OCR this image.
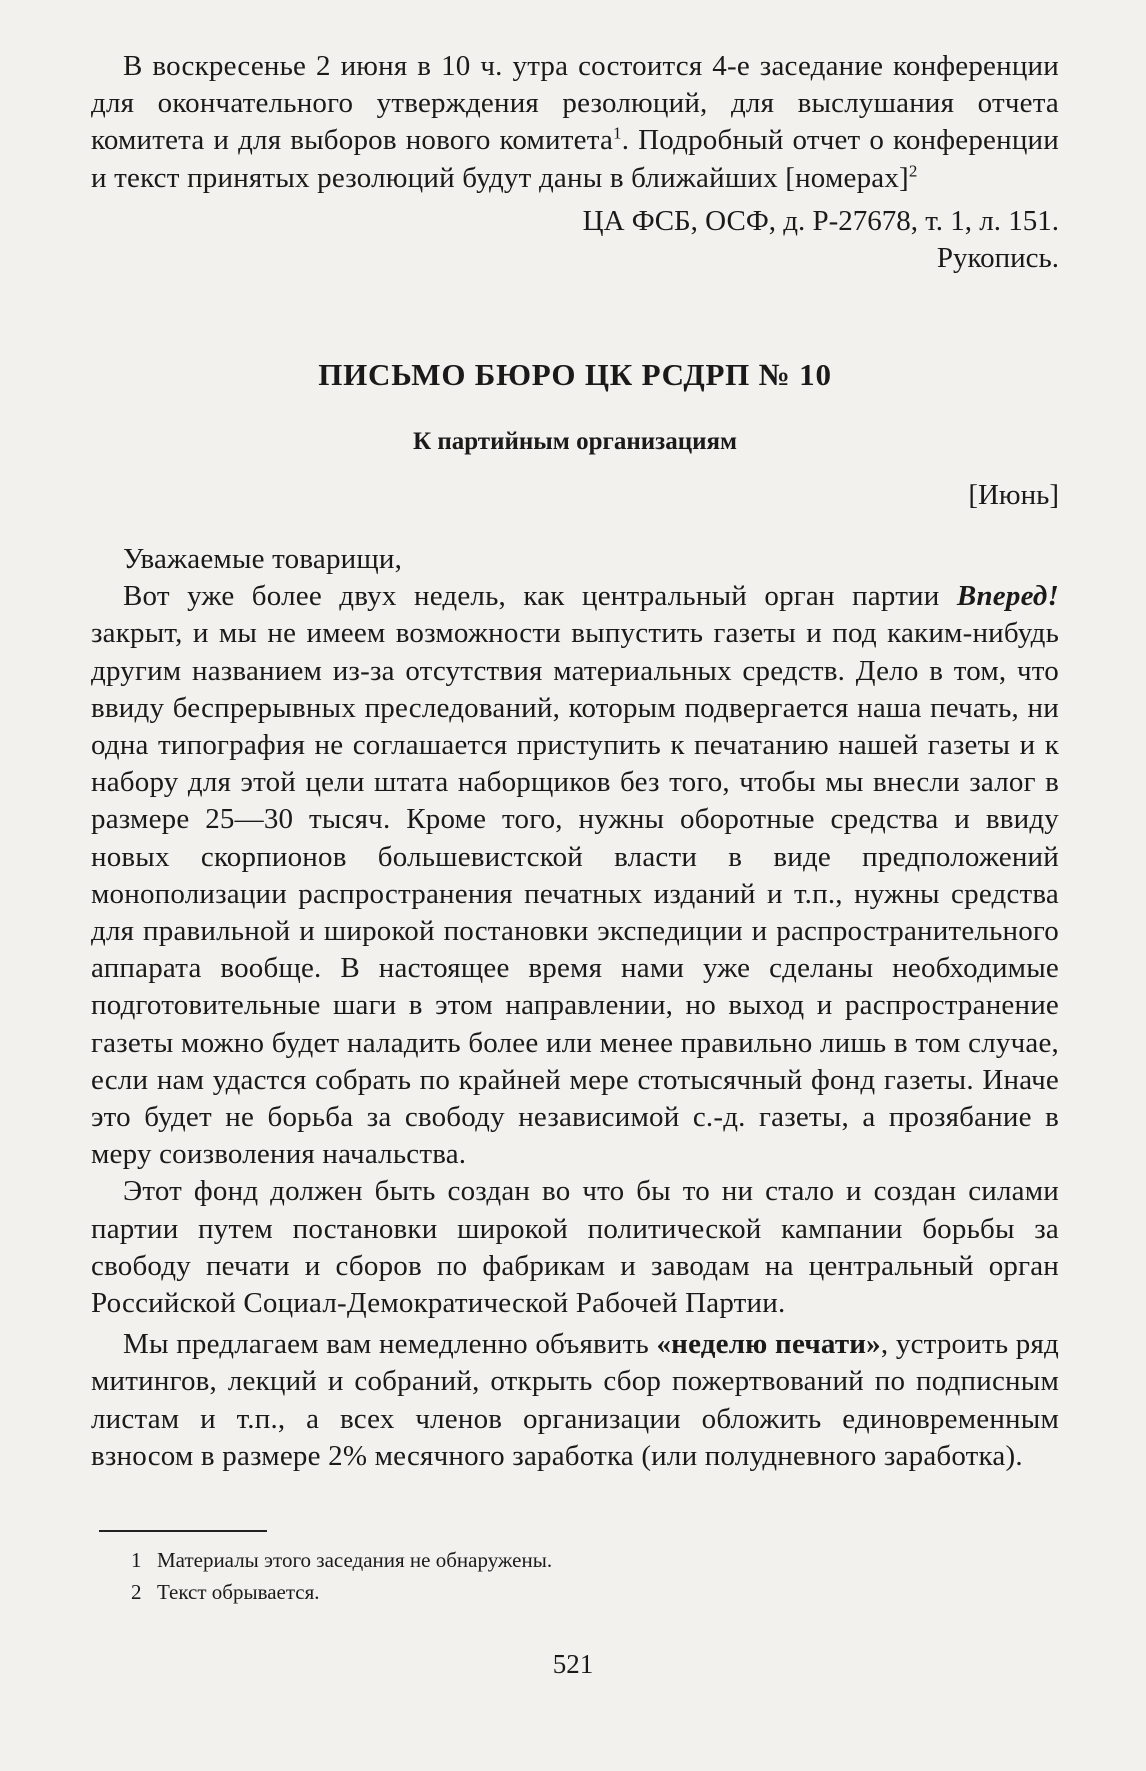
В воскресенье 2 июня в 10 ч. утра состоится 4-е заседание конференции для окончательного утверждения резолюций, для выслушания отчета комитета и для выборов нового комитета$^1$. Подробный отчет о конференции и текст принятых резолюций будут даны в ближайших [номерах]$^2$

ЦА ФСБ, ОСФ, д. Р-27678, т. 1, л. 151.

Рукопись.

ПИСЬМО БЮРО ЦК РСДРП № 10

К партийным организациям

[Июнь]

Уважаемые товарищи,

Вот уже более двух недель, как центральный орган партии Вперед! закрыт, и мы не имеем возможности выпустить газеты и под каким-нибудь другим названием из-за отсутствия материальных средств. Дело в том, что ввиду беспрерывных преследований, которым подвергается наша печать, ни одна типография не соглашается приступить к печатанию нашей газеты и к набору для этой цели штата наборщиков без того, чтобы мы внесли залог в размере 25—30 тысяч. Кроме того, нужны оборотные средства и ввиду новых скорпионов большевистской власти в виде предположений монополизации распространения печатных изданий и т.п., нужны средства для правильной и широкой постановки экспедиции и распространительного аппарата вообще. В настоящее время нами уже сделаны необходимые подготовительные шаги в этом направлении, но выход и распространение газеты можно будет наладить более или менее правильно лишь в том случае, если нам удастся собрать по крайней мере стотысячный фонд газеты. Иначе это будет не борьба за свободу независимой с.-д. газеты, а прозябание в меру соизволения начальства.

Этот фонд должен быть создан во что бы то ни стало и создан силами партии путем постановки широкой политической кампании борьбы за свободу печати и сборов по фабрикам и заводам на центральный орган Российской Социал-Демократической Рабочей Партии.

Мы предлагаем вам немедленно объявить «неделю печати», устроить ряд митингов, лекций и собраний, открыть сбор пожертвований по подписным листам и т.п., а всех членов организации обложить единовременным взносом в размере 2% месячного заработка (или полудневного заработка).

1 Материалы этого заседания не обнаружены.

2 Текст обрывается.

521
